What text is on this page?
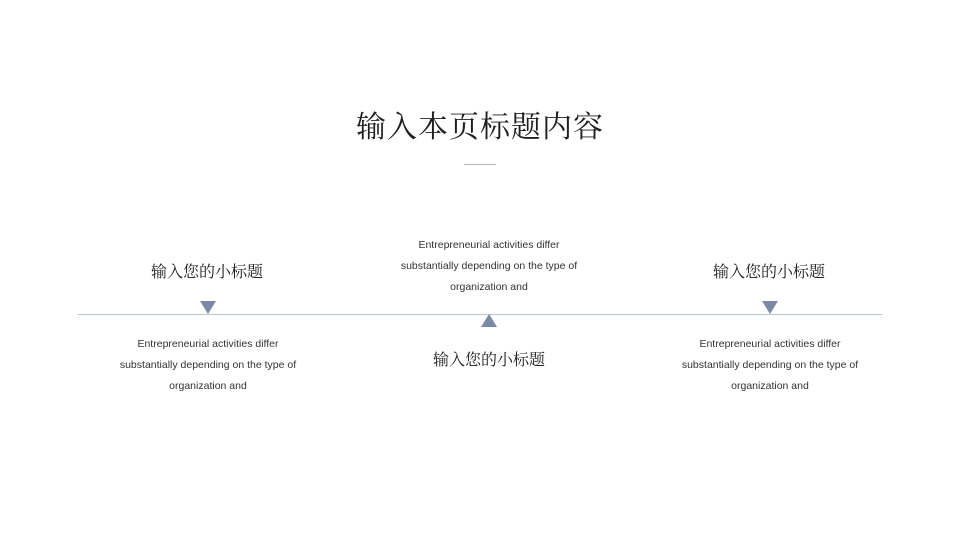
输入本页标题内容
输入您的小标题
Entrepreneurial activities differ substantially depending on the type of organization and
Entrepreneurial activities differ substantially depending on the type of organization and
输入您的小标题
输入您的小标题
Entrepreneurial activities differ substantially depending on the type of organization and
